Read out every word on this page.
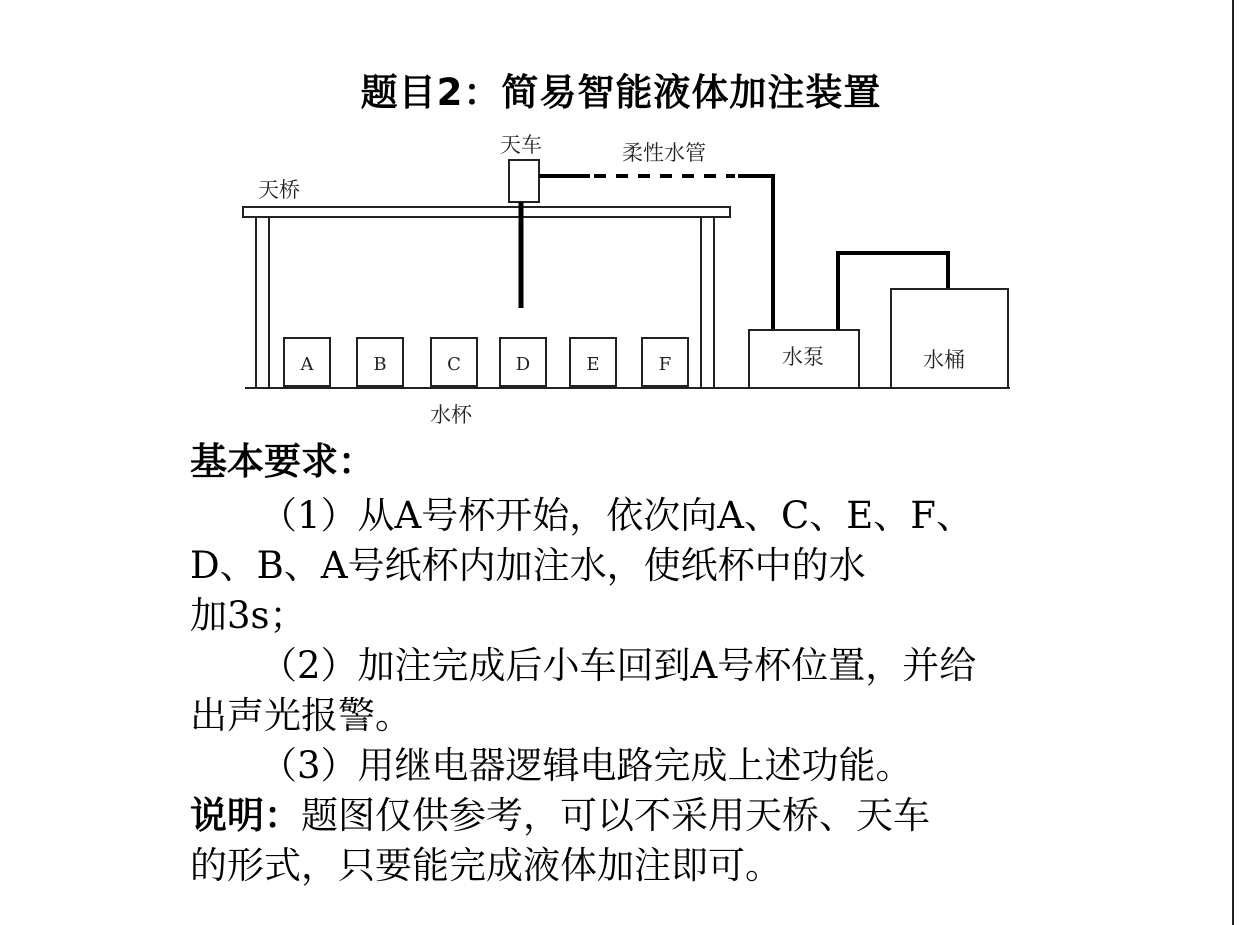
题目2：简易智能液体加注装置
A	B	C	D	E	F
天桥
天车	柔性水管
水泵	水桶
水杯
基本要求：
（1）从A号杯开始，依次向A、C、E、F、
D、B、A号纸杯内加注水，使纸杯中的水
加3s；
（2）加注完成后小车回到A号杯位置，并给
出声光报警。
（3）用继电器逻辑电路完成上述功能。
说明：题图仅供参考，可以不采用天桥、天车
的形式，只要能完成液体加注即可。
